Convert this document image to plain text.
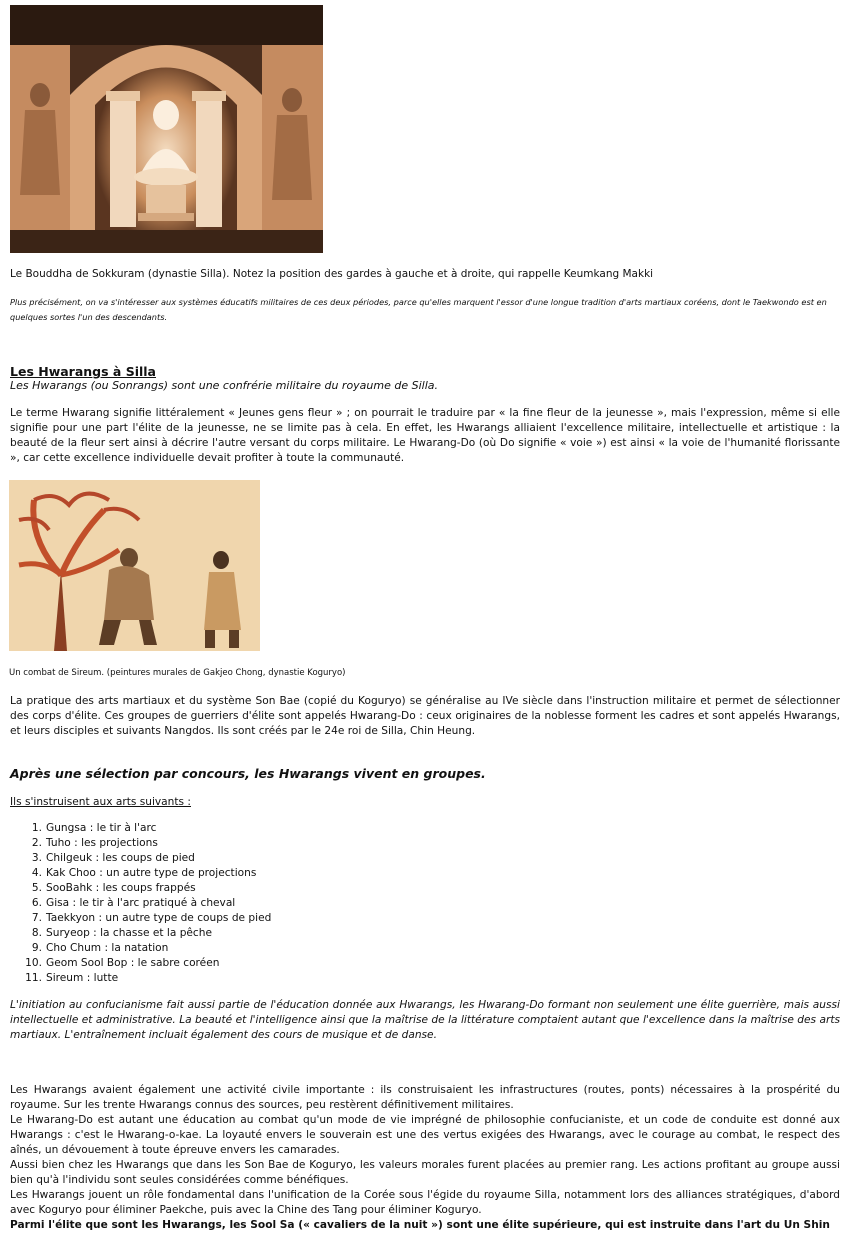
Le Bouddha de Sokkuram (dynastie Silla). Notez la position des gardes à gauche et à droite, qui rappelle Keumkang Makki
Plus précisément, on va s'intéresser aux systèmes éducatifs militaires de ces deux périodes, parce qu'elles marquent l'essor d'une longue tradition d'arts martiaux coréens, dont le Taekwondo est en quelques sortes l'un des descendants.
Les Hwarangs à Silla
Les Hwarangs (ou Sonrangs) sont une confrérie militaire du royaume de Silla.
Le terme Hwarang signifie littéralement « Jeunes gens fleur » ; on pourrait le traduire par « la fine fleur de la jeunesse », mais l'expression, même si elle signifie pour une part l'élite de la jeunesse, ne se limite pas à cela. En effet, les Hwarangs alliaient l'excellence militaire, intellectuelle et artistique : la beauté de la fleur sert ainsi à décrire l'autre versant du corps militaire. Le Hwarang-Do (où Do signifie « voie ») est ainsi « la voie de l'humanité florissante », car cette excellence individuelle devait profiter à toute la communauté.
Un combat de Sireum. (peintures murales de Gakjeo Chong, dynastie Koguryo)
La pratique des arts martiaux et du système Son Bae (copié du Koguryo) se généralise au IVe siècle dans l'instruction militaire et permet de sélectionner des corps d'élite. Ces groupes de guerriers d'élite sont appelés Hwarang-Do : ceux originaires de la noblesse forment les cadres et sont appelés Hwarangs, et leurs disciples et suivants Nangdos. Ils sont créés par le 24e roi de Silla, Chin Heung.
Après une sélection par concours, les Hwarangs vivent en groupes.
Ils s'instruisent aux arts suivants :
1. Gungsa : le tir à l'arc
2. Tuho : les projections
3. Chilgeuk : les coups de pied
4. Kak Choo : un autre type de projections
5. SooBahk : les coups frappés
6. Gisa : le tir à l'arc pratiqué à cheval
7. Taekkyon : un autre type de coups de pied
8. Suryeop : la chasse et la pêche
9. Cho Chum : la natation
10. Geom Sool Bop : le sabre coréen
11. Sireum : lutte
L'initiation au confucianisme fait aussi partie de l'éducation donnée aux Hwarangs, les Hwarang-Do formant non seulement une élite guerrière, mais aussi intellectuelle et administrative. La beauté et l'intelligence ainsi que la maîtrise de la littérature comptaient autant que l'excellence dans la maîtrise des arts martiaux. L'entraînement incluait également des cours de musique et de danse.
Les Hwarangs avaient également une activité civile importante : ils construisaient les infrastructures (routes, ponts) nécessaires à la prospérité du royaume. Sur les trente Hwarangs connus des sources, peu restèrent définitivement militaires.
Le Hwarang-Do est autant une éducation au combat qu'un mode de vie imprégné de philosophie confucianiste, et un code de conduite est donné aux Hwarangs : c'est le Hwarang-o-kae. La loyauté envers le souverain est une des vertus exigées des Hwarangs, avec le courage au combat, le respect des aînés, un dévouement à toute épreuve envers les camarades.
Aussi bien chez les Hwarangs que dans les Son Bae de Koguryo, les valeurs morales furent placées au premier rang. Les actions profitant au groupe aussi bien qu'à l'individu sont seules considérées comme bénéfiques.
Les Hwarangs jouent un rôle fondamental dans l'unification de la Corée sous l'égide du royaume Silla, notamment lors des alliances stratégiques, d'abord avec Koguryo pour éliminer Paekche, puis avec la Chine des Tang pour éliminer Koguryo.
Parmi l'élite que sont les Hwarangs, les Sool Sa (« cavaliers de la nuit ») sont une élite supérieure, qui est instruite dans l'art du Un Shin
